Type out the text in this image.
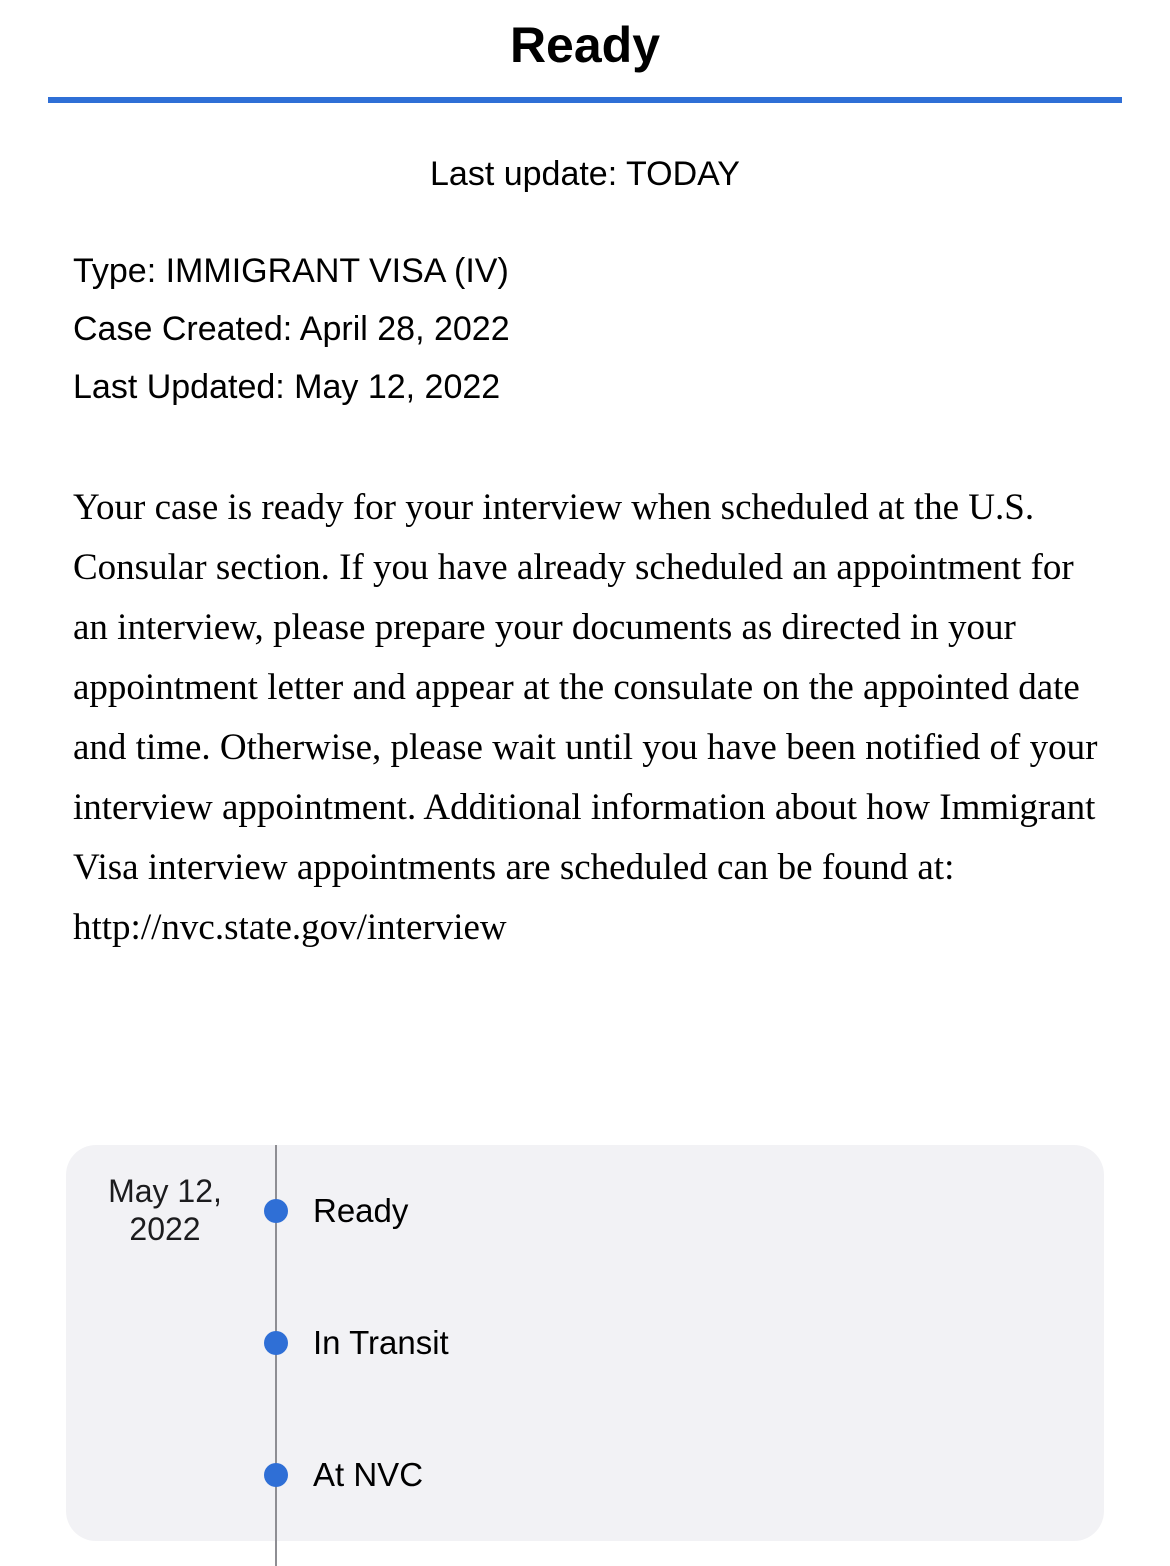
Ready
Last update: TODAY
Type: IMMIGRANT VISA (IV)
Case Created: April 28, 2022
Last Updated: May 12, 2022

Your case is ready for your interview when scheduled at the U.S. Consular section. If you have already scheduled an appointment for an interview, please prepare your documents as directed in your appointment letter and appear at the consulate on the appointed date and time. Otherwise, please wait until you have been notified of your interview appointment. Additional information about how Immigrant Visa interview appointments are scheduled can be found at: http://nvc.state.gov/interview

May 12, 2022	Ready
In Transit
At NVC
